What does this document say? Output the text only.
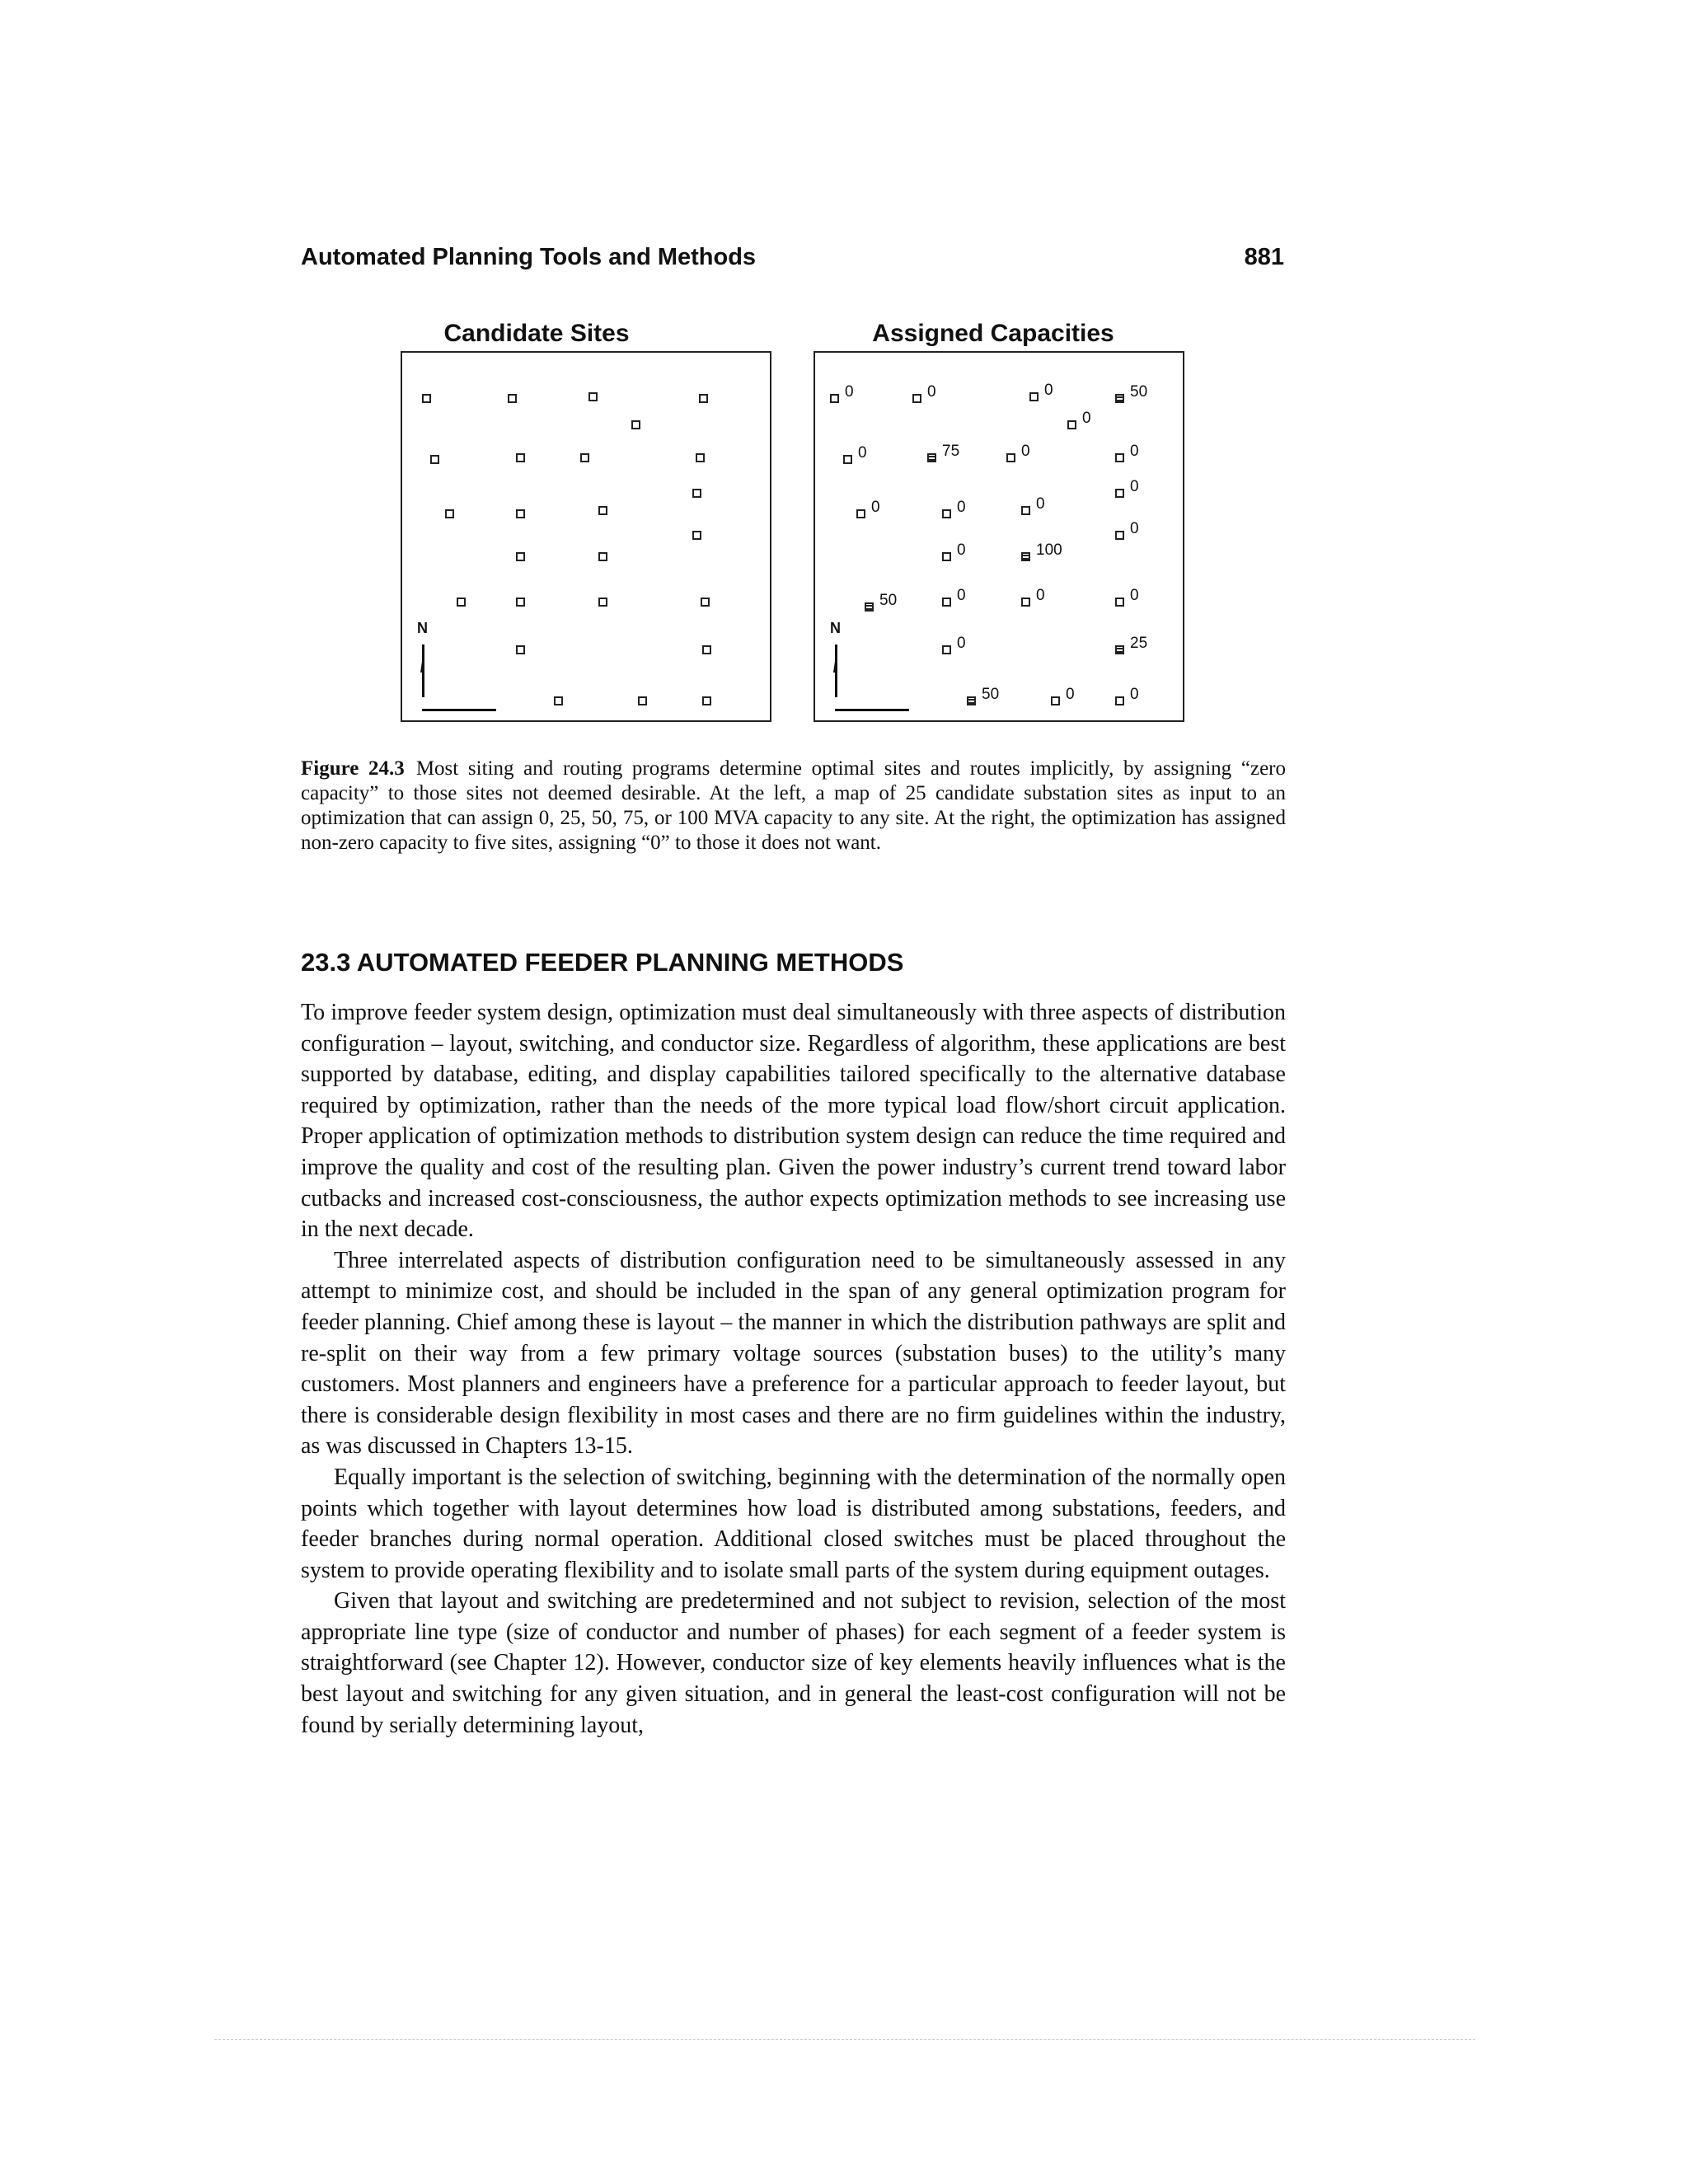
Automated Planning Tools and Methods	881
Candidate Sites
N
Assigned Capacities
N
0	0	0	50
0
0	75	0	0
0
0	0	0
0	100
0
50	0	0	0
0	25
50	0	0
Figure 24.3 Most siting and routing programs determine optimal sites and routes implicitly, by assigning “zero capacity” to those sites not deemed desirable. At the left, a map of 25 candidate substation sites as input to an optimization that can assign 0, 25, 50, 75, or 100 MVA capacity to any site. At the right, the optimization has assigned non-zero capacity to five sites, assigning “0” to those it does not want.
23.3 AUTOMATED FEEDER PLANNING METHODS

To improve feeder system design, optimization must deal simultaneously with three aspects of distribution configuration – layout, switching, and conductor size. Regardless of algorithm, these applications are best supported by database, editing, and display capabilities tailored specifically to the alternative database required by optimization, rather than the needs of the more typical load flow/short circuit application. Proper application of optimization methods to distribution system design can reduce the time required and improve the quality and cost of the resulting plan. Given the power industry’s current trend toward labor cutbacks and increased cost-consciousness, the author expects optimization methods to see increasing use in the next decade.

Three interrelated aspects of distribution configuration need to be simultaneously assessed in any attempt to minimize cost, and should be included in the span of any general optimization program for feeder planning. Chief among these is layout – the manner in which the distribution pathways are split and re-split on their way from a few primary voltage sources (substation buses) to the utility’s many customers. Most planners and engineers have a preference for a particular approach to feeder layout, but there is considerable design flexibility in most cases and there are no firm guidelines within the industry, as was discussed in Chapters 13-15.

Equally important is the selection of switching, beginning with the determination of the normally open points which together with layout determines how load is distributed among substations, feeders, and feeder branches during normal operation. Additional closed switches must be placed throughout the system to provide operating flexibility and to isolate small parts of the system during equipment outages.

Given that layout and switching are predetermined and not subject to revision, selection of the most appropriate line type (size of conductor and number of phases) for each segment of a feeder system is straightforward (see Chapter 12). However, conductor size of key elements heavily influences what is the best layout and switching for any given situation, and in general the least-cost configuration will not be found by serially determining layout,
